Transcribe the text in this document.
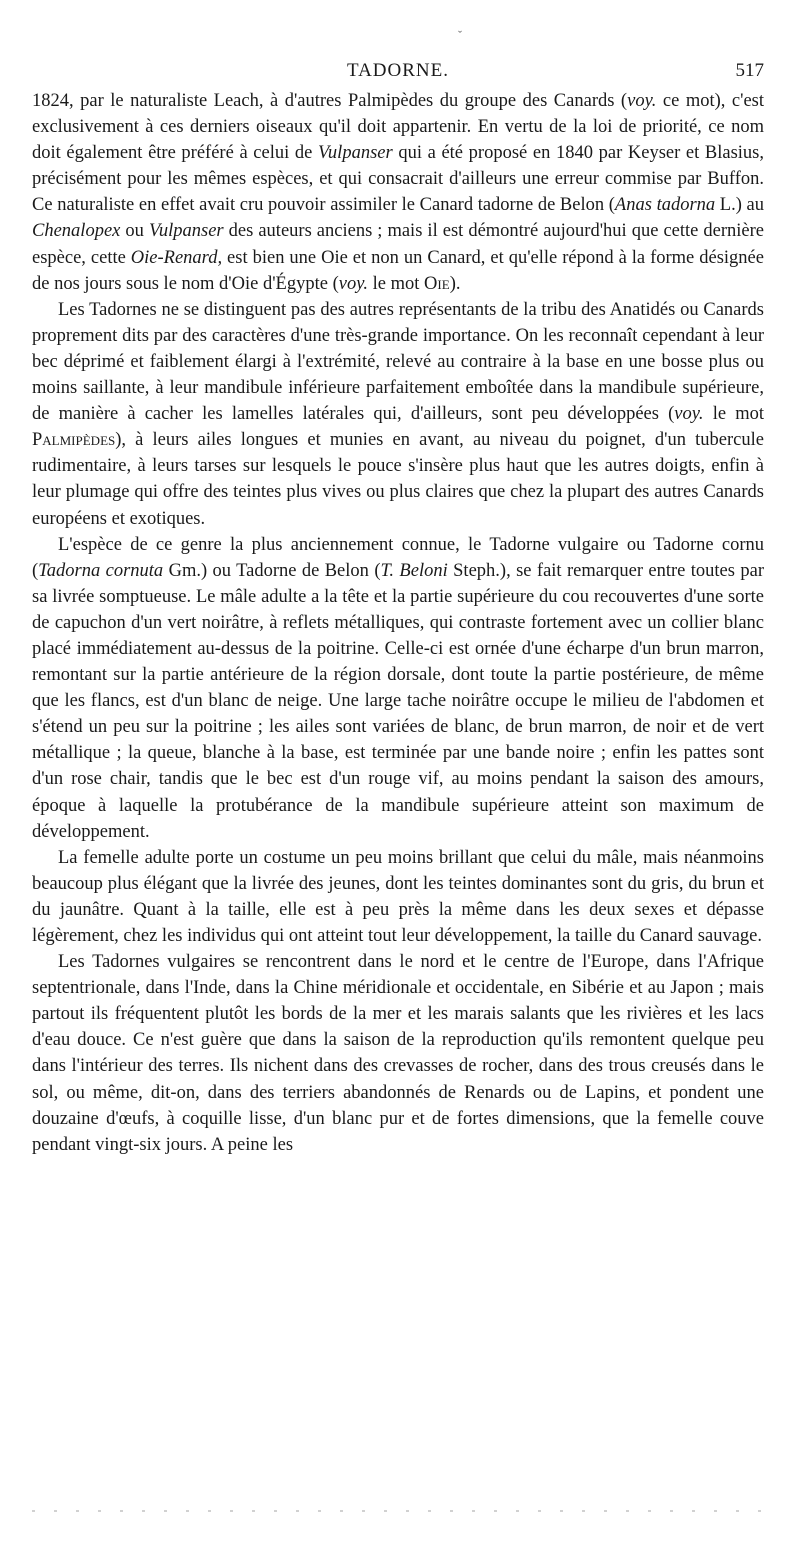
ˇ
TADORNE.	517

1824, par le naturaliste Leach, à d'autres Palmipèdes du groupe des Canards (voy. ce mot), c'est exclusivement à ces derniers oiseaux qu'il doit appartenir. En vertu de la loi de priorité, ce nom doit également être préféré à celui de Vulpanser qui a été proposé en 1840 par Keyser et Blasius, précisément pour les mêmes espèces, et qui consacrait d'ailleurs une erreur commise par Buffon. Ce naturaliste en effet avait cru pouvoir assimiler le Canard tadorne de Belon (Anas tadorna L.) au Chenalopex ou Vulpanser des auteurs anciens ; mais il est démontré aujourd'hui que cette dernière espèce, cette Oie-Renard, est bien une Oie et non un Canard, et qu'elle répond à la forme désignée de nos jours sous le nom d'Oie d'Égypte (voy. le mot Oie).

Les Tadornes ne se distinguent pas des autres représentants de la tribu des Anatidés ou Canards proprement dits par des caractères d'une très-grande importance. On les reconnaît cependant à leur bec déprimé et faiblement élargi à l'extrémité, relevé au contraire à la base en une bosse plus ou moins saillante, à leur mandibule inférieure parfaitement emboîtée dans la mandibule supérieure, de manière à cacher les lamelles latérales qui, d'ailleurs, sont peu développées (voy. le mot Palmipèdes), à leurs ailes longues et munies en avant, au niveau du poignet, d'un tubercule rudimentaire, à leurs tarses sur lesquels le pouce s'insère plus haut que les autres doigts, enfin à leur plumage qui offre des teintes plus vives ou plus claires que chez la plupart des autres Canards européens et exotiques.

L'espèce de ce genre la plus anciennement connue, le Tadorne vulgaire ou Tadorne cornu (Tadorna cornuta Gm.) ou Tadorne de Belon (T. Beloni Steph.), se fait remarquer entre toutes par sa livrée somptueuse. Le mâle adulte a la tête et la partie supérieure du cou recouvertes d'une sorte de capuchon d'un vert noirâtre, à reflets métalliques, qui contraste fortement avec un collier blanc placé immédiatement au-dessus de la poitrine. Celle-ci est ornée d'une écharpe d'un brun marron, remontant sur la partie antérieure de la région dorsale, dont toute la partie postérieure, de même que les flancs, est d'un blanc de neige. Une large tache noirâtre occupe le milieu de l'abdomen et s'étend un peu sur la poitrine ; les ailes sont variées de blanc, de brun marron, de noir et de vert métallique ; la queue, blanche à la base, est terminée par une bande noire ; enfin les pattes sont d'un rose chair, tandis que le bec est d'un rouge vif, au moins pendant la saison des amours, époque à laquelle la protubérance de la mandibule supérieure atteint son maximum de développement.

La femelle adulte porte un costume un peu moins brillant que celui du mâle, mais néanmoins beaucoup plus élégant que la livrée des jeunes, dont les teintes dominantes sont du gris, du brun et du jaunâtre. Quant à la taille, elle est à peu près la même dans les deux sexes et dépasse légèrement, chez les individus qui ont atteint tout leur développement, la taille du Canard sauvage.

Les Tadornes vulgaires se rencontrent dans le nord et le centre de l'Europe, dans l'Afrique septentrionale, dans l'Inde, dans la Chine méridionale et occidentale, en Sibérie et au Japon ; mais partout ils fréquentent plutôt les bords de la mer et les marais salants que les rivières et les lacs d'eau douce. Ce n'est guère que dans la saison de la reproduction qu'ils remontent quelque peu dans l'intérieur des terres. Ils nichent dans des crevasses de rocher, dans des trous creusés dans le sol, ou même, dit-on, dans des terriers abandonnés de Renards ou de Lapins, et pondent une douzaine d'œufs, à coquille lisse, d'un blanc pur et de fortes dimensions, que la femelle couve pendant vingt-six jours. A peine les
